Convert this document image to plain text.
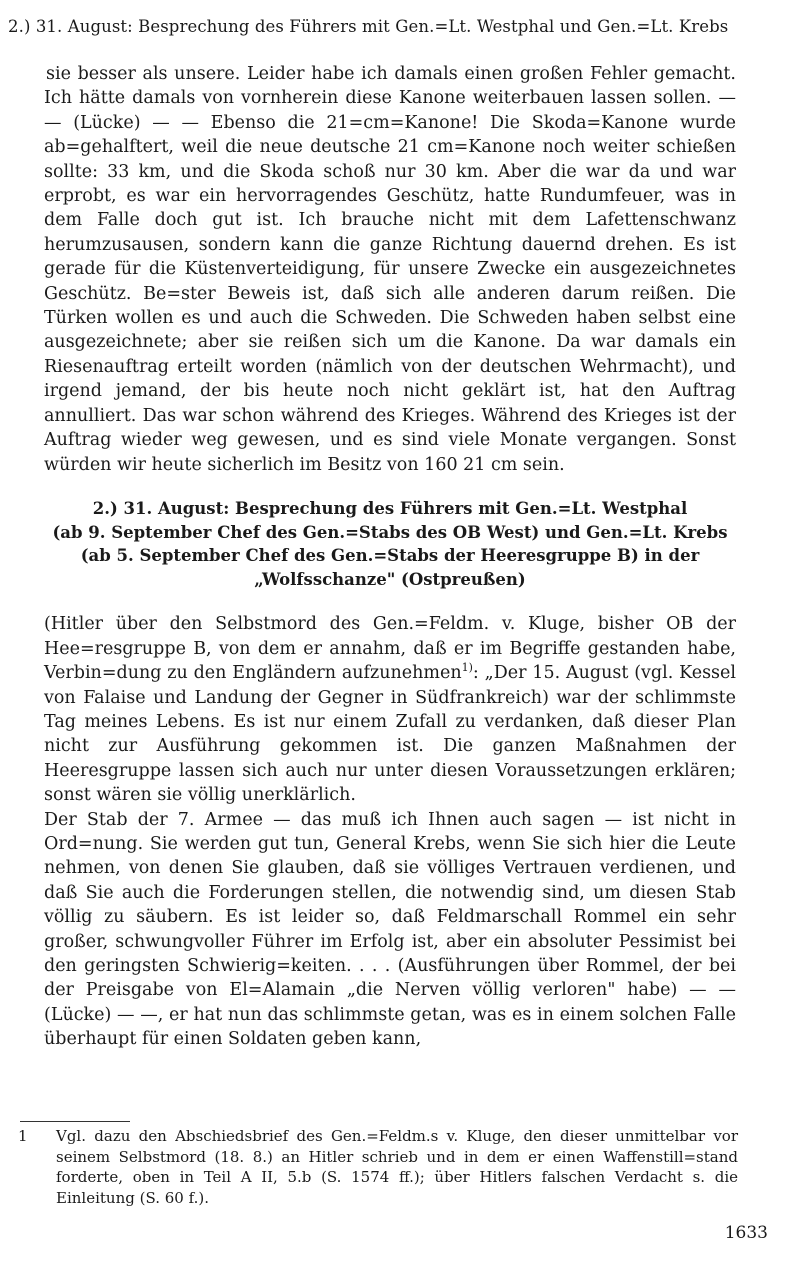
2.) 31. August: Besprechung des Führers mit Gen.=Lt. Westphal und Gen.=Lt. Krebs

sie besser als unsere. Leider habe ich damals einen großen Fehler gemacht. Ich hätte damals von vornherein diese Kanone weiterbauen lassen sollen. — — (Lücke) — — Ebenso die 21=cm=Kanone! Die Skoda=Kanone wurde ab=gehalftert, weil die neue deutsche 21 cm=Kanone noch weiter schießen sollte: 33 km, und die Skoda schoß nur 30 km. Aber die war da und war erprobt, es war ein hervorragendes Geschütz, hatte Rundumfeuer, was in dem Falle doch gut ist. Ich brauche nicht mit dem Lafettenschwanz herumzusausen, sondern kann die ganze Richtung dauernd drehen. Es ist gerade für die Küstenverteidigung, für unsere Zwecke ein ausgezeichnetes Geschütz. Be=ster Beweis ist, daß sich alle anderen darum reißen. Die Türken wollen es und auch die Schweden. Die Schweden haben selbst eine ausgezeichnete; aber sie reißen sich um die Kanone. Da war damals ein Riesenauftrag erteilt worden (nämlich von der deutschen Wehrmacht), und irgend jemand, der bis heute noch nicht geklärt ist, hat den Auftrag annulliert. Das war schon während des Krieges. Während des Krieges ist der Auftrag wieder weg gewesen, und es sind viele Monate vergangen. Sonst würden wir heute sicherlich im Besitz von 160 21 cm sein.

2.) 31. August: Besprechung des Führers mit Gen.=Lt. Westphal
(ab 9. September Chef des Gen.=Stabs des OB West) und Gen.=Lt. Krebs
(ab 5. September Chef des Gen.=Stabs der Heeresgruppe B) in der
„Wolfsschanze" (Ostpreußen)

(Hitler über den Selbstmord des Gen.=Feldm. v. Kluge, bisher OB der Hee=resgruppe B, von dem er annahm, daß er im Begriffe gestanden habe, Verbin=dung zu den Engländern aufzunehmen$^{1)}$: „Der 15. August (vgl. Kessel von Falaise und Landung der Gegner in Südfrankreich) war der schlimmste Tag meines Lebens. Es ist nur einem Zufall zu verdanken, daß dieser Plan nicht zur Ausführung gekommen ist. Die ganzen Maßnahmen der Heeresgruppe lassen sich auch nur unter diesen Voraussetzungen erklären; sonst wären sie völlig unerklärlich.

Der Stab der 7. Armee — das muß ich Ihnen auch sagen — ist nicht in Ord=nung. Sie werden gut tun, General Krebs, wenn Sie sich hier die Leute nehmen, von denen Sie glauben, daß sie völliges Vertrauen verdienen, und daß Sie auch die Forderungen stellen, die notwendig sind, um diesen Stab völlig zu säubern. Es ist leider so, daß Feldmarschall Rommel ein sehr großer, schwungvoller Führer im Erfolg ist, aber ein absoluter Pessimist bei den geringsten Schwierig=keiten. . . . (Ausführungen über Rommel, der bei der Preisgabe von El=Alamain „die Nerven völlig verloren" habe) — — (Lücke) — —, er hat nun das schlimmste getan, was es in einem solchen Falle überhaupt für einen Soldaten geben kann,

1 Vgl. dazu den Abschiedsbrief des Gen.=Feldm.s v. Kluge, den dieser unmittelbar vor seinem Selbstmord (18. 8.) an Hitler schrieb und in dem er einen Waffenstill=stand forderte, oben in Teil A II, 5.b (S. 1574 ff.); über Hitlers falschen Verdacht s. die Einleitung (S. 60 f.).
1633
